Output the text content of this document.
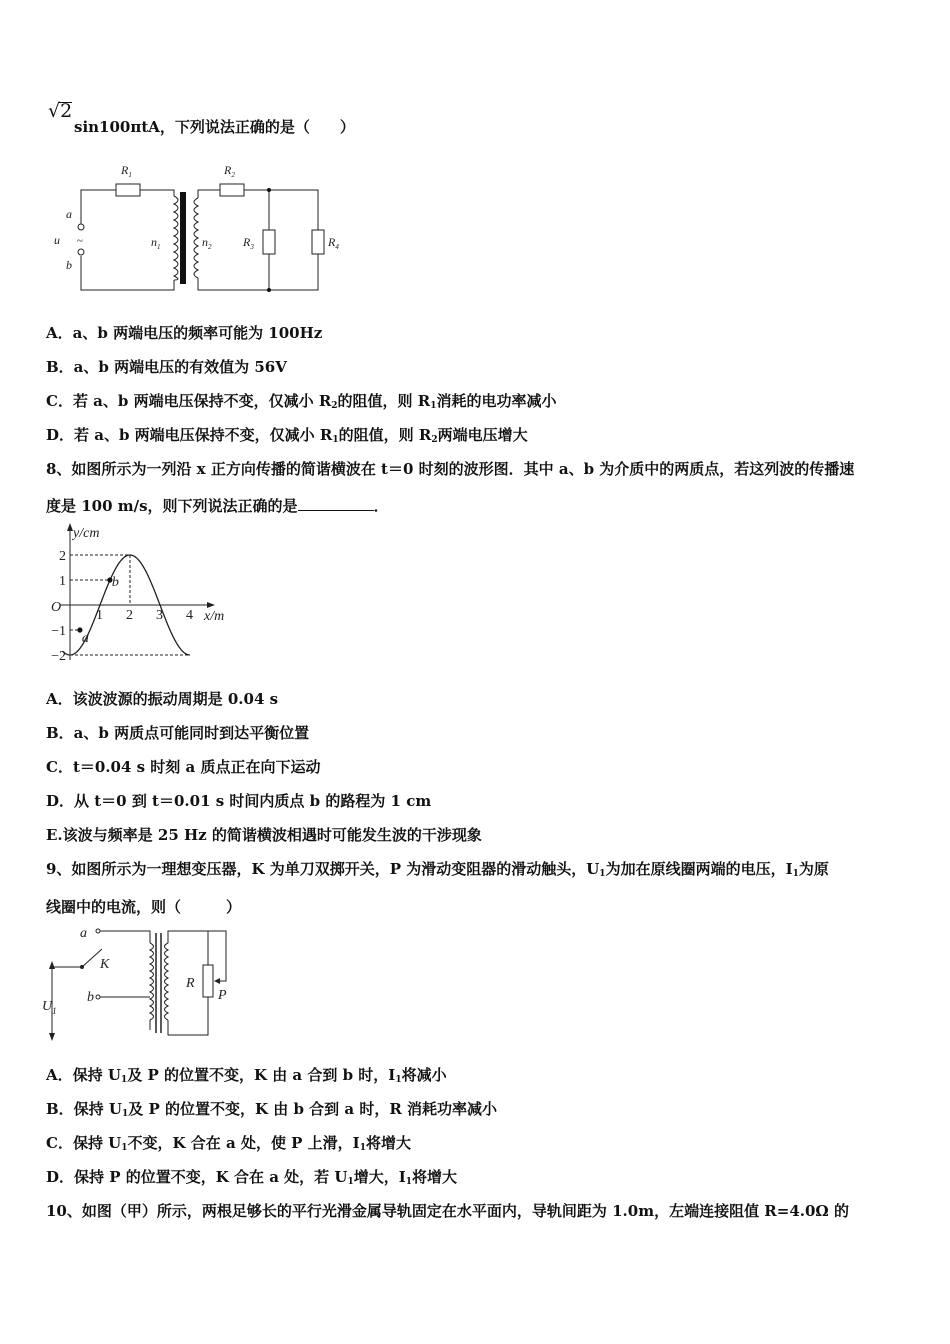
√2
sin100πtA，下列说法正确的是（　　）
$R_1$	$R_2$
$R_3$	$R_4$
$n_1$	$n_2$
a
b
u ~
A．a、b 两端电压的频率可能为 100Hz
B．a、b 两端电压的有效值为 56V
C．若 a、b 两端电压保持不变，仅减小 $R_2$的阻值，则 $R_1$消耗的电功率减小
D．若 a、b 两端电压保持不变，仅减小 $R_1$的阻值，则 $R_2$两端电压增大
8、如图所示为一列沿 x 正方向传播的简谐横波在 t＝0 时刻的波形图．其中 a、b 为介质中的两质点，若这列波的传播速
度是 100 m/s，则下列说法正确的是	．
a
b
1 2 3 4
2
1
−1
−2
y/cm
x/m
O
A．该波波源的振动周期是 0.04 s
B．a、b 两质点可能同时到达平衡位置
C．t＝0.04 s 时刻 a 质点正在向下运动
D．从 t＝0 到 t＝0.01 s 时间内质点 b 的路程为 1 cm
E.该波与频率是 25 Hz 的简谐横波相遇时可能发生波的干涉现象
9、如图所示为一理想变压器，K 为单刀双掷开关，P 为滑动变阻器的滑动触头，$U_1$为加在原线圈两端的电压，$I_1$为原
线圈中的电流，则（　　　）
a
b
K
R
P
$U_1$
A．保持 $U_1$及 P 的位置不变，K 由 a 合到 b 时，$I_1$将减小
B．保持 $U_1$及 P 的位置不变，K 由 b 合到 a 时，R 消耗功率减小
C．保持 $U_1$不变，K 合在 a 处，使 P 上滑，$I_1$将增大
D．保持 P 的位置不变，K 合在 a 处，若 $U_1$增大，$I_1$将增大
10、如图（甲）所示，两根足够长的平行光滑金属导轨固定在水平面内，导轨间距为 1.0m，左端连接阻值 R=4.0Ω 的
